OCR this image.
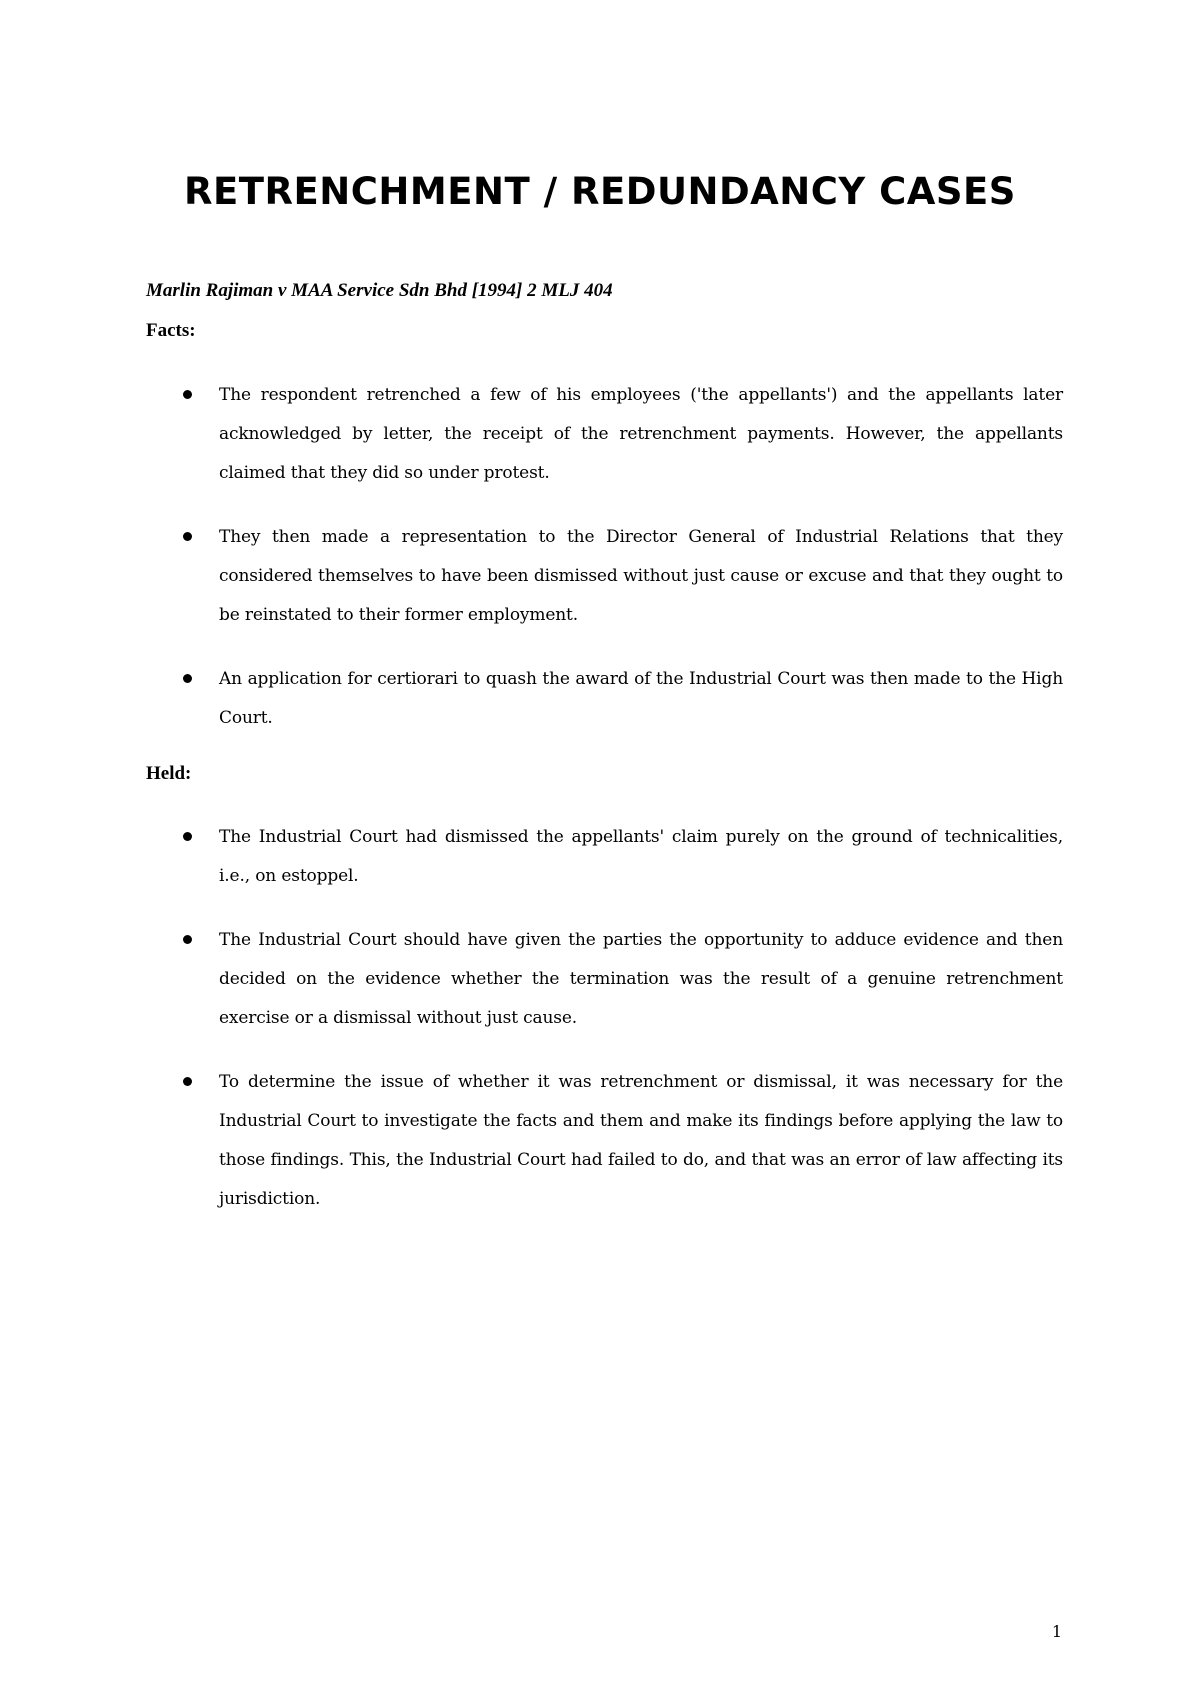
RETRENCHMENT / REDUNDANCY CASES

Marlin Rajiman v MAA Service Sdn Bhd [1994] 2 MLJ 404

Facts:

The respondent retrenched a few of his employees ('the appellants') and the appellants later acknowledged by letter, the receipt of the retrenchment payments. However, the appellants claimed that they did so under protest.
They then made a representation to the Director General of Industrial Relations that they considered themselves to have been dismissed without just cause or excuse and that they ought to be reinstated to their former employment.
An application for certiorari to quash the award of the Industrial Court was then made to the High Court.

Held:

The Industrial Court had dismissed the appellants' claim purely on the ground of technicalities, i.e., on estoppel.
The Industrial Court should have given the parties the opportunity to adduce evidence and then decided on the evidence whether the termination was the result of a genuine retrenchment exercise or a dismissal without just cause.
To determine the issue of whether it was retrenchment or dismissal, it was necessary for the Industrial Court to investigate the facts and them and make its findings before applying the law to those findings. This, the Industrial Court had failed to do, and that was an error of law affecting its jurisdiction.

1
